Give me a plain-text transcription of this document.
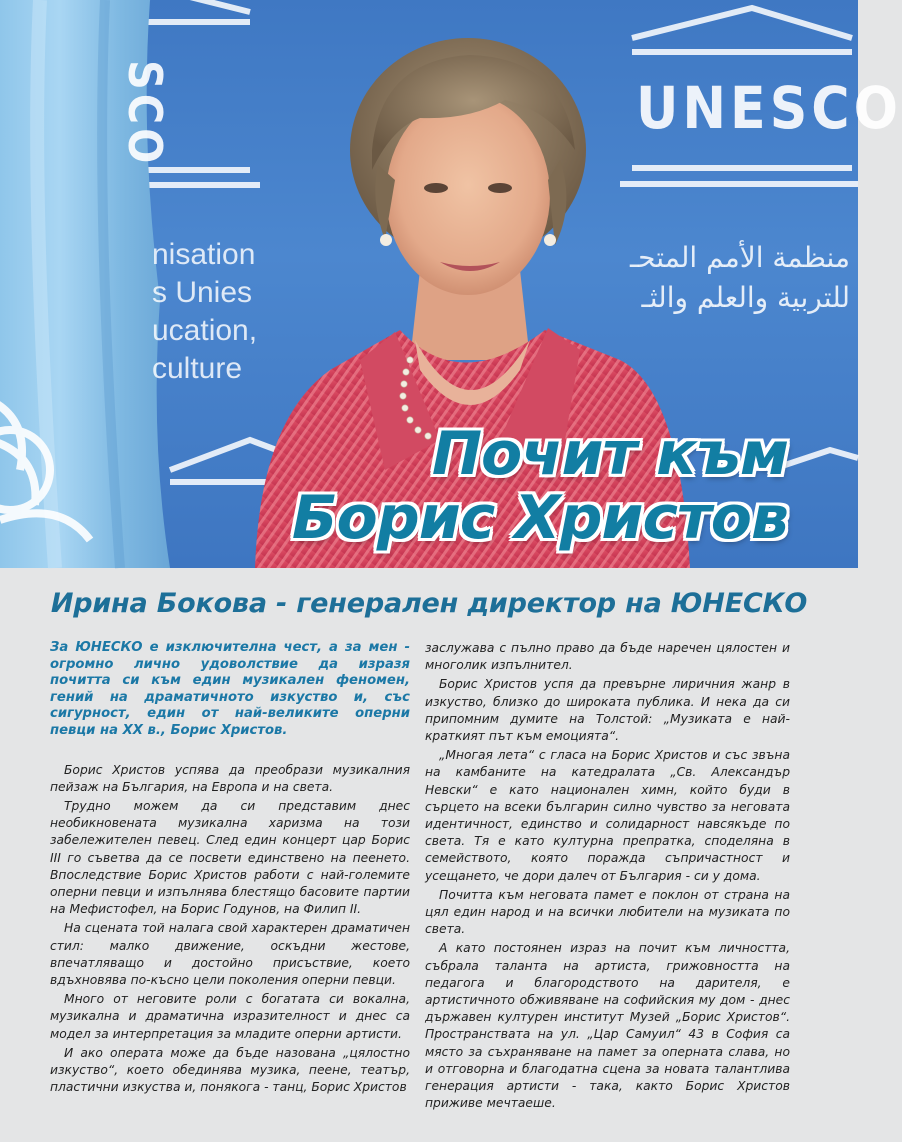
SCO	UNESCO
nisation
s Unies
ucation,
culture
منظمة الأمم المتحـ
للتربية والعلم والثـ
Почит към
Борис Христов
Ирина Бокова - генерален директор на ЮНЕСКО
За ЮНЕСКО е изключителна чест, а за мен - огромно лично удоволствие да изразя почитта си към един музикален феномен, гений на драматичното изкуство и, със сигурност, един от най-великите оперни певци на ХХ в., Борис Христов.

Борис Христов успява да преобрази музикалния пейзаж на България, на Европа и на света.

Трудно можем да си представим днес необикновената музикална харизма на този забележителен певец. След един концерт цар Борис III го съветва да се посвети единствено на пеенето. Впоследствие Борис Христов работи с най-големите оперни певци и изпълнява блестящо басовите партии на Мефистофел, на Борис Годунов, на Филип II.

На сцената той налага свой характерен драматичен стил: малко движение, оскъдни жестове, впечатляващо и достойно присъствие, което вдъхновява по-късно цели поколения оперни певци.

Много от неговите роли с богатата си вокална, музикална и драматична изразителност и днес са модел за интерпретация за младите оперни артисти.

И ако операта може да бъде назована „цялостно изкуство“, което обединява музика, пеене, театър, пластични изкуства и, понякога - танц, Борис Христов

заслужава с пълно право да бъде наречен цялостен и многолик изпълнител.

Борис Христов успя да превърне лиричния жанр в изкуство, близко до широката публика. И нека да си припомним думите на Толстой: „Музиката е най-краткият път към емоцията“.

„Многая лета“ с гласа на Борис Христов и със звъна на камбаните на катедралата „Св. Александър Невски“ е като национален химн, който буди в сърцето на всеки българин силно чувство за неговата идентичност, единство и солидарност навсякъде по света. Тя е като културна препратка, споделяна в семейството, която поражда съпричастност и усещането, че дори далеч от България - си у дома.

Почитта към неговата памет е поклон от страна на цял един народ и на всички любители на музиката по света.

А като постоянен израз на почит към личността, събрала таланта на артиста, грижовността на педагога и благородството на дарителя, е артистичното обживяване на софийския му дом - днес държавен културен институт Музей „Борис Христов“. Пространствата на ул. „Цар Самуил“ 43 в София са място за съхраняване на памет за оперната слава, но и отговорна и благодатна сцена за новата талантлива генерация артисти - така, както Борис Христов приживе мечтаеше.
